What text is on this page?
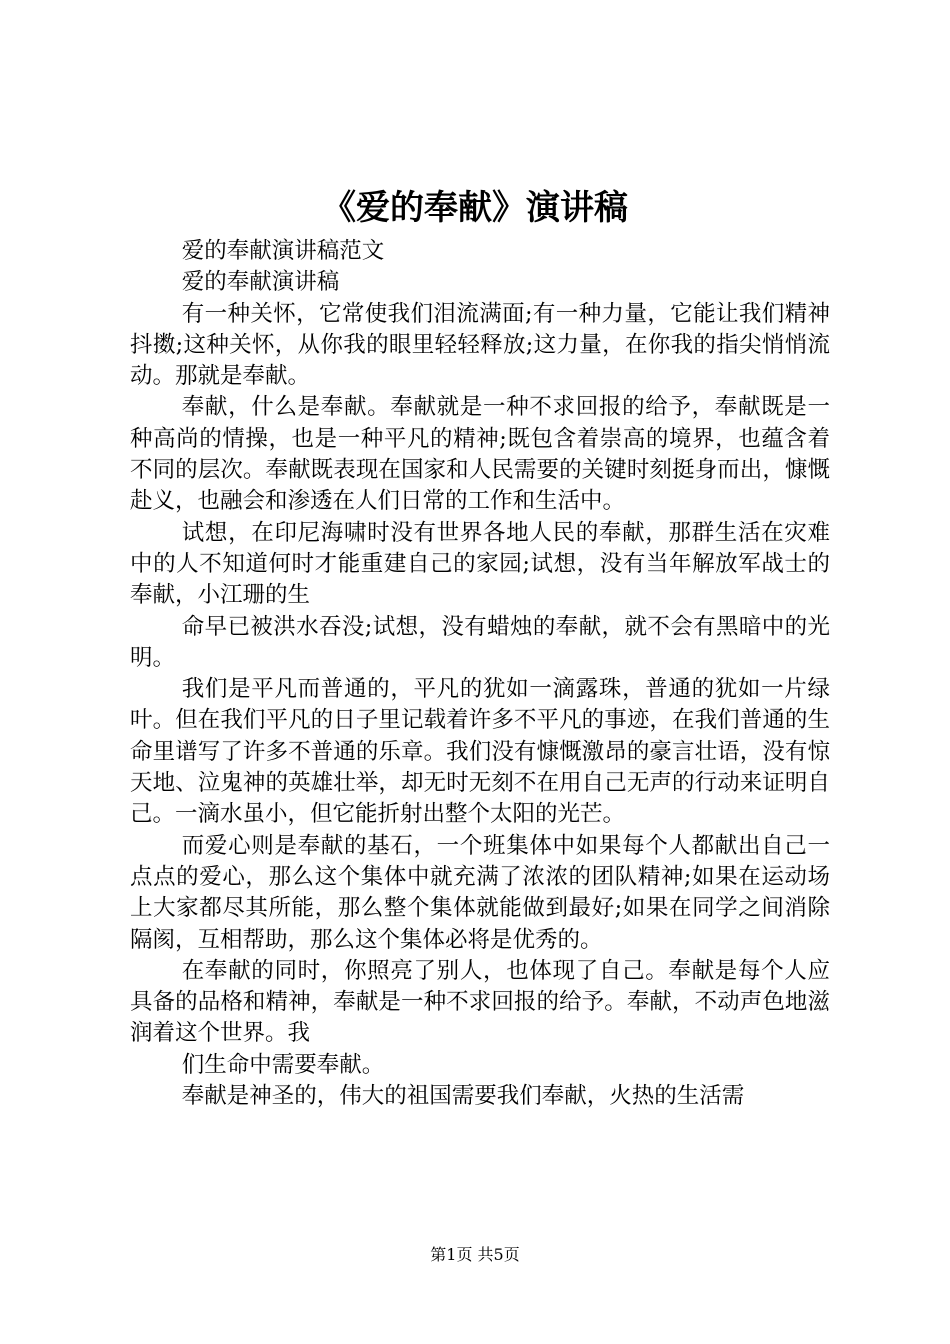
《爱的奉献》演讲稿

爱的奉献演讲稿范文

爱的奉献演讲稿

有一种关怀，它常使我们泪流满面;有一种力量，它能让我们精神抖擞;这种关怀，从你我的眼里轻轻释放;这力量，在你我的指尖悄悄流动。那就是奉献。

奉献，什么是奉献。奉献就是一种不求回报的给予，奉献既是一种高尚的情操，也是一种平凡的精神;既包含着崇高的境界，也蕴含着不同的层次。奉献既表现在国家和人民需要的关键时刻挺身而出，慷慨赴义，也融会和渗透在人们日常的工作和生活中。

试想，在印尼海啸时没有世界各地人民的奉献，那群生活在灾难中的人不知道何时才能重建自己的家园;试想，没有当年解放军战士的奉献，小江珊的生

命早已被洪水吞没;试想，没有蜡烛的奉献，就不会有黑暗中的光明。

我们是平凡而普通的，平凡的犹如一滴露珠，普通的犹如一片绿叶。但在我们平凡的日子里记载着许多不平凡的事迹，在我们普通的生命里谱写了许多不普通的乐章。我们没有慷慨激昂的豪言壮语，没有惊天地、泣鬼神的英雄壮举，却无时无刻不在用自己无声的行动来证明自己。一滴水虽小，但它能折射出整个太阳的光芒。

而爱心则是奉献的基石，一个班集体中如果每个人都献出自己一点点的爱心，那么这个集体中就充满了浓浓的团队精神;如果在运动场上大家都尽其所能，那么整个集体就能做到最好;如果在同学之间消除隔阂，互相帮助，那么这个集体必将是优秀的。

在奉献的同时，你照亮了别人，也体现了自己。奉献是每个人应具备的品格和精神，奉献是一种不求回报的给予。奉献，不动声色地滋润着这个世界。我

们生命中需要奉献。

奉献是神圣的，伟大的祖国需要我们奉献，火热的生活需

第1页 共5页
